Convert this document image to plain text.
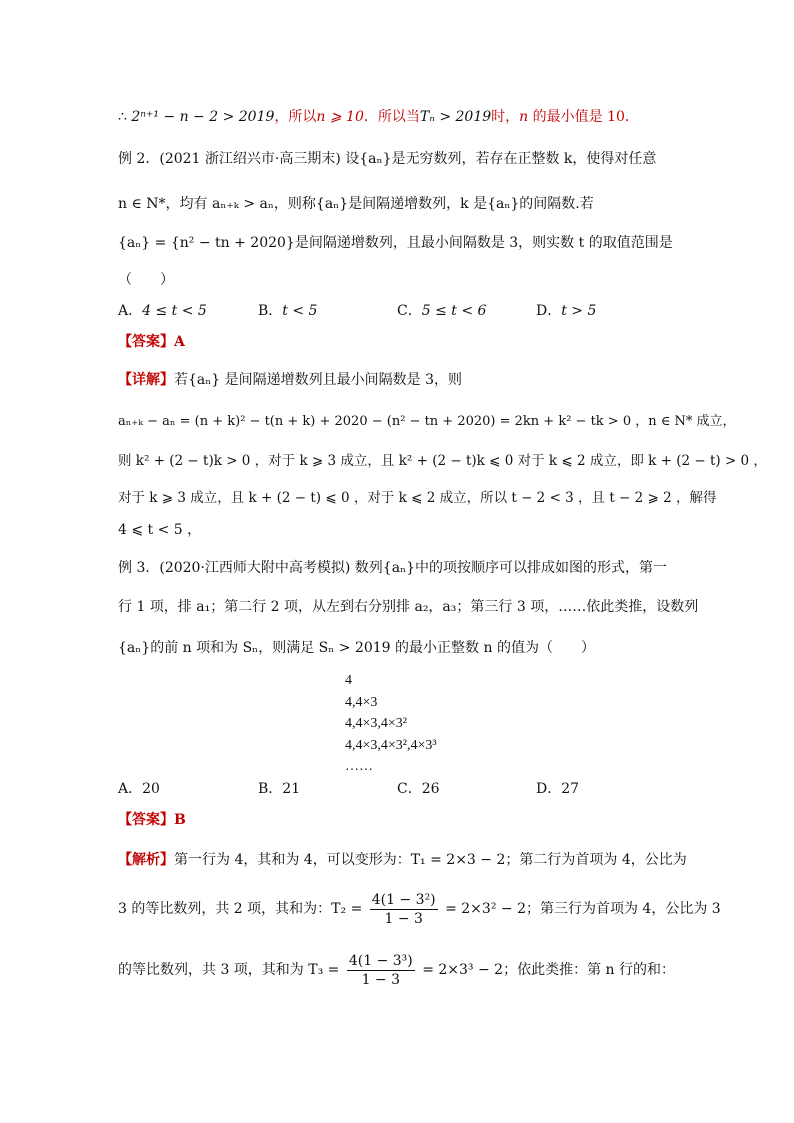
∴ 2ⁿ⁺¹ − n − 2 > 2019，所以n ⩾ 10．所以当Tₙ > 2019时，n 的最小值是 10．
例 2．(2021 浙江绍兴市·高三期末) 设{aₙ}是无穷数列，若存在正整数 k，使得对任意
n ∈ N*，均有 aₙ₊ₖ > aₙ，则称{aₙ}是间隔递增数列，k 是{aₙ}的间隔数.若
{aₙ} = {n² − tn + 2020}是间隔递增数列，且最小间隔数是 3，则实数 t 的取值范围是
（　　）
A．4 ≤ t < 5	B．t < 5	C．5 ≤ t < 6	D．t > 5
【答案】A
【详解】若{aₙ} 是间隔递增数列且最小间隔数是 3，则
aₙ₊ₖ − aₙ = (n + k)² − t(n + k) + 2020 − (n² − tn + 2020) = 2kn + k² − tk > 0 ，n ∈ N* 成立，
则 k² + (2 − t)k > 0 ，对于 k ⩾ 3 成立，且 k² + (2 − t)k ⩽ 0 对于 k ⩽ 2 成立，即 k + (2 − t) > 0 ，
对于 k ⩾ 3 成立，且 k + (2 − t) ⩽ 0 ，对于 k ⩽ 2 成立，所以 t − 2 < 3 ，且 t − 2 ⩾ 2 ，解得
4 ⩽ t < 5 ，
例 3．(2020·江西师大附中高考模拟) 数列{aₙ}中的项按顺序可以排成如图的形式，第一
行 1 项，排 a₁；第二行 2 项，从左到右分别排 a₂，a₃；第三行 3 项，……依此类推，设数列
{aₙ}的前 n 项和为 Sₙ，则满足 Sₙ > 2019 的最小正整数 n 的值为（　　）
4
4,4×3
4,4×3,4×3²
4,4×3,4×3²,4×3³
……
A．20	B．21	C．26	D．27
【答案】B
【解析】第一行为 4，其和为 4，可以变形为：T₁ = 2×3 − 2；第二行为首项为 4，公比为
3 的等比数列，共 2 项，其和为：$T_2 = \frac{\text{4(1 − 3²)}}{1 - 3} = 2\times 3^2 - 2$；第三行为首项为 4，公比为 3
的等比数列，共 3 项，其和为 $T_3 = \frac{\text{4(1 − 3³)}}{1 - 3} = 2\times 3^3 - 2$；依此类推：第 n 行的和：
